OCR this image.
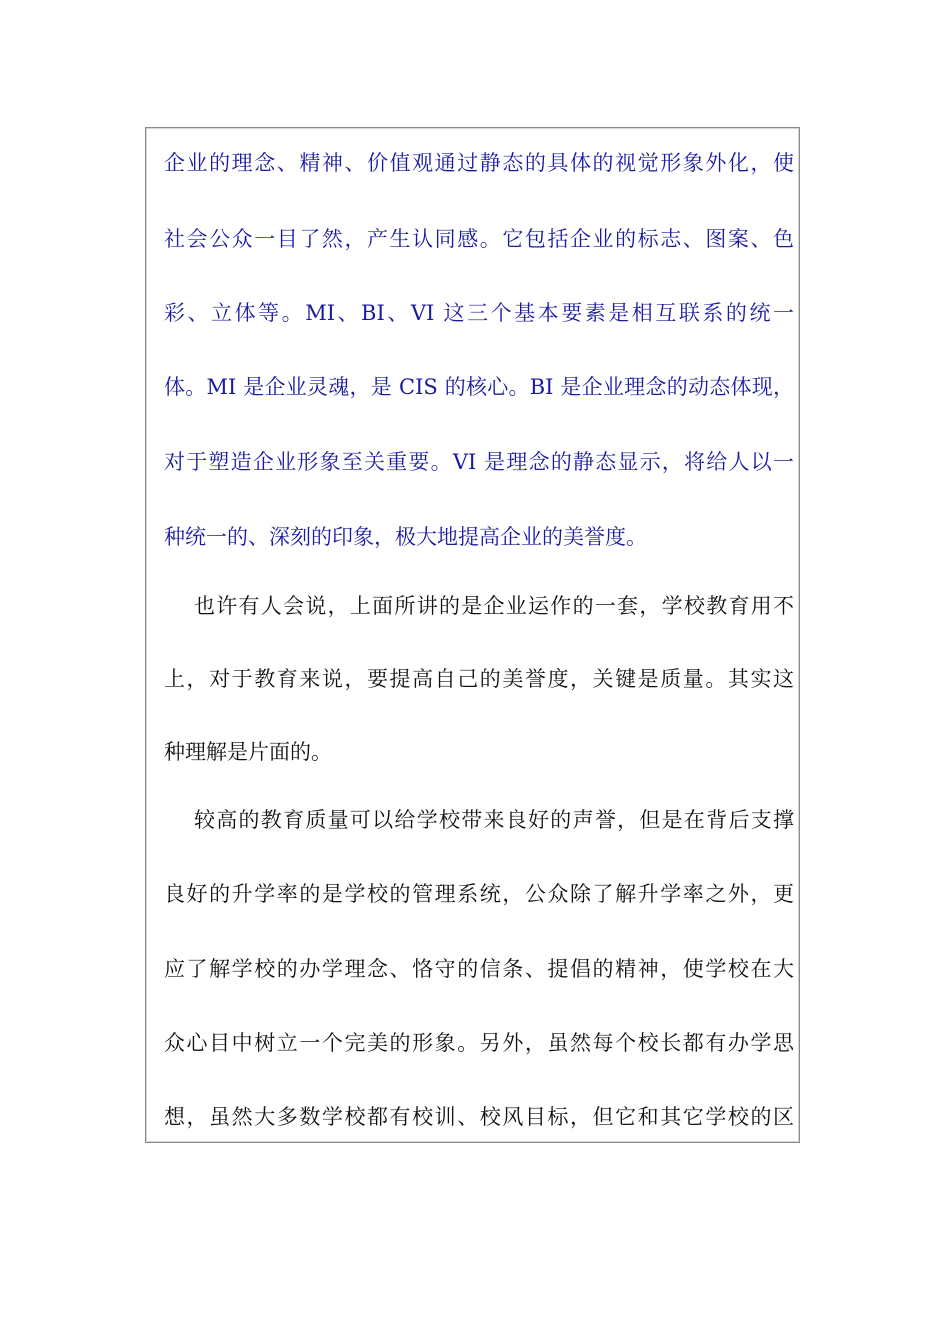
企业的理念、精神、价值观通过静态的具体的视觉形象外化，使
社会公众一目了然，产生认同感。它包括企业的标志、图案、色
彩、立体等。MI、BI、VI 这三个基本要素是相互联系的统一
体。MI 是企业灵魂，是 CIS 的核心。BI 是企业理念的动态体现，
对于塑造企业形象至关重要。VI 是理念的静态显示，将给人以一
种统一的、深刻的印象，极大地提高企业的美誉度。
也许有人会说，上面所讲的是企业运作的一套，学校教育用不
上，对于教育来说，要提高自己的美誉度，关键是质量。其实这
种理解是片面的。
较高的教育质量可以给学校带来良好的声誉，但是在背后支撑
良好的升学率的是学校的管理系统，公众除了解升学率之外，更
应了解学校的办学理念、恪守的信条、提倡的精神，使学校在大
众心目中树立一个完美的形象。另外，虽然每个校长都有办学思
想，虽然大多数学校都有校训、校风目标，但它和其它学校的区
